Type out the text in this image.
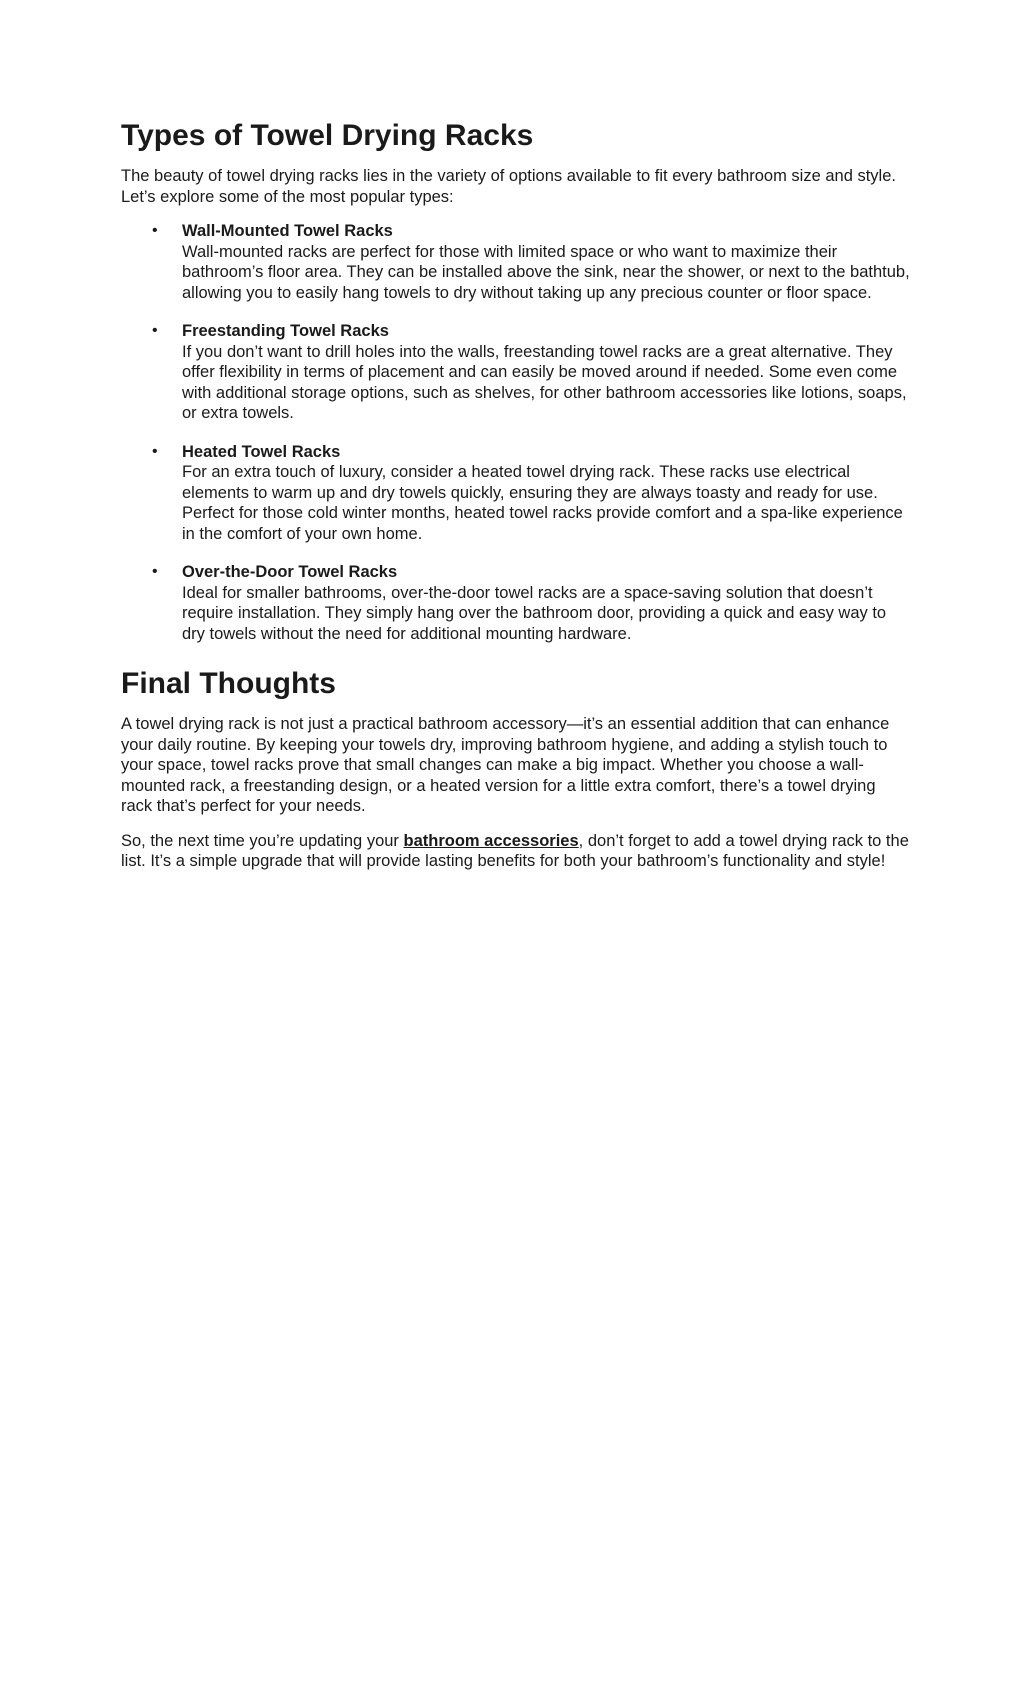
Types of Towel Drying Racks

The beauty of towel drying racks lies in the variety of options available to fit every bathroom size and style. Let’s explore some of the most popular types:

• Wall-Mounted Towel Racks
Wall-mounted racks are perfect for those with limited space or who want to maximize their bathroom’s floor area. They can be installed above the sink, near the shower, or next to the bathtub, allowing you to easily hang towels to dry without taking up any precious counter or floor space.
• Freestanding Towel Racks
If you don’t want to drill holes into the walls, freestanding towel racks are a great alternative. They offer flexibility in terms of placement and can easily be moved around if needed. Some even come with additional storage options, such as shelves, for other bathroom accessories like lotions, soaps, or extra towels.
• Heated Towel Racks
For an extra touch of luxury, consider a heated towel drying rack. These racks use electrical elements to warm up and dry towels quickly, ensuring they are always toasty and ready for use. Perfect for those cold winter months, heated towel racks provide comfort and a spa-like experience in the comfort of your own home.
• Over-the-Door Towel Racks
Ideal for smaller bathrooms, over-the-door towel racks are a space-saving solution that doesn’t require installation. They simply hang over the bathroom door, providing a quick and easy way to dry towels without the need for additional mounting hardware.
Final Thoughts

A towel drying rack is not just a practical bathroom accessory—it’s an essential addition that can enhance your daily routine. By keeping your towels dry, improving bathroom hygiene, and adding a stylish touch to your space, towel racks prove that small changes can make a big impact. Whether you choose a wall-mounted rack, a freestanding design, or a heated version for a little extra comfort, there’s a towel drying rack that’s perfect for your needs.

So, the next time you’re updating your bathroom accessories, don’t forget to add a towel drying rack to the list. It’s a simple upgrade that will provide lasting benefits for both your bathroom’s functionality and style!
